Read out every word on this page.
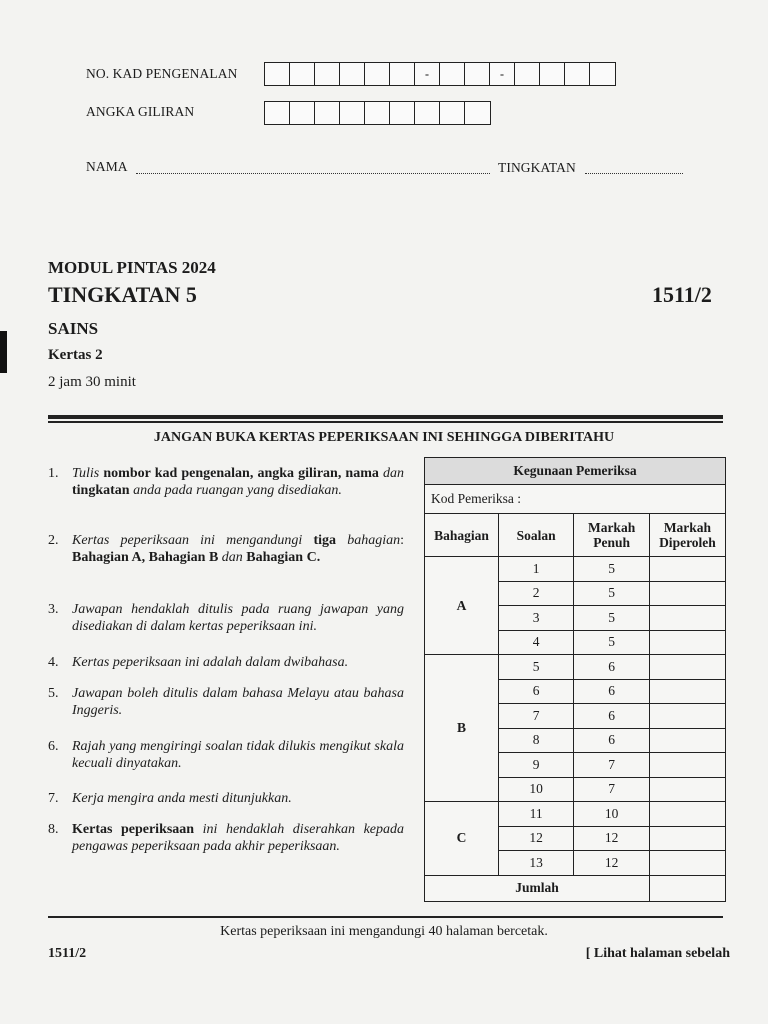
NO. KAD PENGENALAN	-	-
ANGKA GILIRAN
NAMA	TINGKATAN
MODUL PINTAS 2024
TINGKATAN 5	1511/2
SAINS
Kertas 2
2 jam 30 minit
JANGAN BUKA KERTAS PEPERIKSAAN INI SEHINGGA DIBERITAHU
1. Tulis nombor kad pengenalan, angka giliran, nama dan tingkatan anda pada ruangan yang disediakan.
2. Kertas peperiksaan ini mengandungi tiga bahagian: Bahagian A, Bahagian B dan Bahagian C.
3. Jawapan hendaklah ditulis pada ruang jawapan yang disediakan di dalam kertas peperiksaan ini.
4. Kertas peperiksaan ini adalah dalam dwibahasa.
5. Jawapan boleh ditulis dalam bahasa Melayu atau bahasa Inggeris.
6. Rajah yang mengiringi soalan tidak dilukis mengikut skala kecuali dinyatakan.
7. Kerja mengira anda mesti ditunjukkan.
8. Kertas peperiksaan ini hendaklah diserahkan kepada pengawas peperiksaan pada akhir peperiksaan.
Kegunaan Pemeriksa			
Kod Pemeriksa :			
Bahagian	Soalan	Markah Penuh	Markah Diperoleh
A	1	5	
	2	5	
	3	5	
	4	5	
B	5	6	
	6	6	
	7	6	
	8	6	
	9	7	
	10	7	
C	11	10	
	12	12	
	13	12	
Jumlah			
Kertas peperiksaan ini mengandungi 40 halaman bercetak.
1511/2	[ Lihat halaman sebelah
